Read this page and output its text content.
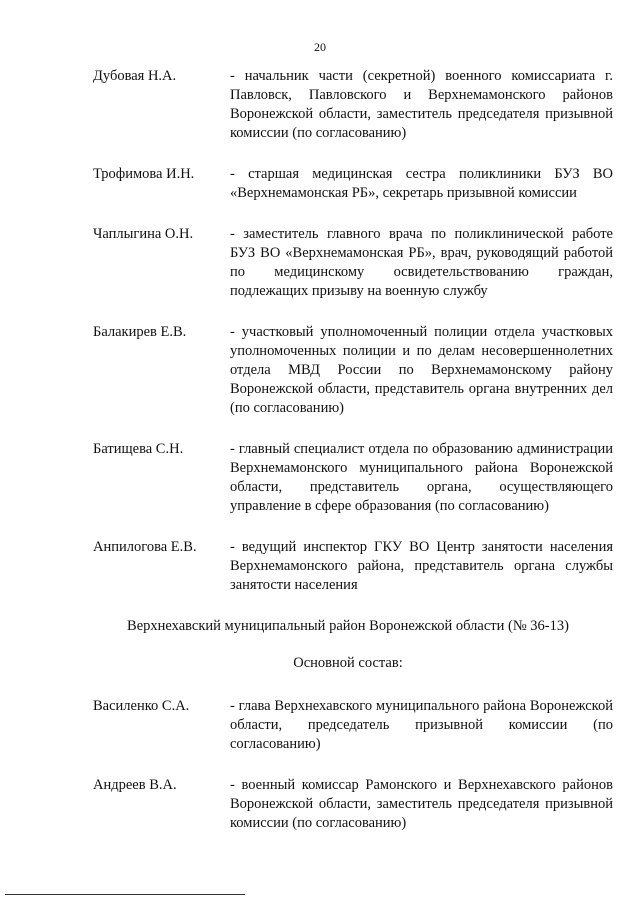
20
Дубовая Н.А.	- начальник части (секретной) военного комиссариата г. Павловск, Павловского и Верхнемамонского районов Воронежской области, заместитель председателя призывной комиссии (по согласованию)
Трофимова И.Н.	- старшая медицинская сестра поликлиники БУЗ ВО «Верхнемамонская РБ», секретарь призывной комиссии
Чаплыгина О.Н.	- заместитель главного врача по поликлинической работе БУЗ ВО «Верхнемамонская РБ», врач, руководящий работой по медицинскому освидетельствованию граждан, подлежащих призыву на военную службу
Балакирев Е.В.	- участковый уполномоченный полиции отдела участковых уполномоченных полиции и по делам несовершеннолетних отдела МВД России по Верхнемамонскому району Воронежской области, представитель органа внутренних дел (по согласованию)
Батищева С.Н.	- главный специалист отдела по образованию администрации Верхнемамонского муниципального района Воронежской области, представитель органа, осуществляющего управление в сфере образования (по согласованию)
Анпилогова Е.В.	- ведущий инспектор ГКУ ВО Центр занятости населения Верхнемамонского района, представитель органа службы занятости населения
Верхнехавский муниципальный район Воронежской области (№ 36-13)
Основной состав:
Василенко С.А.	- глава Верхнехавского муниципального района Воронежской области, председатель призывной комиссии (по согласованию)
Андреев В.А.	- военный комиссар Рамонского и Верхнехавского районов Воронежской области, заместитель председателя призывной комиссии (по согласованию)
